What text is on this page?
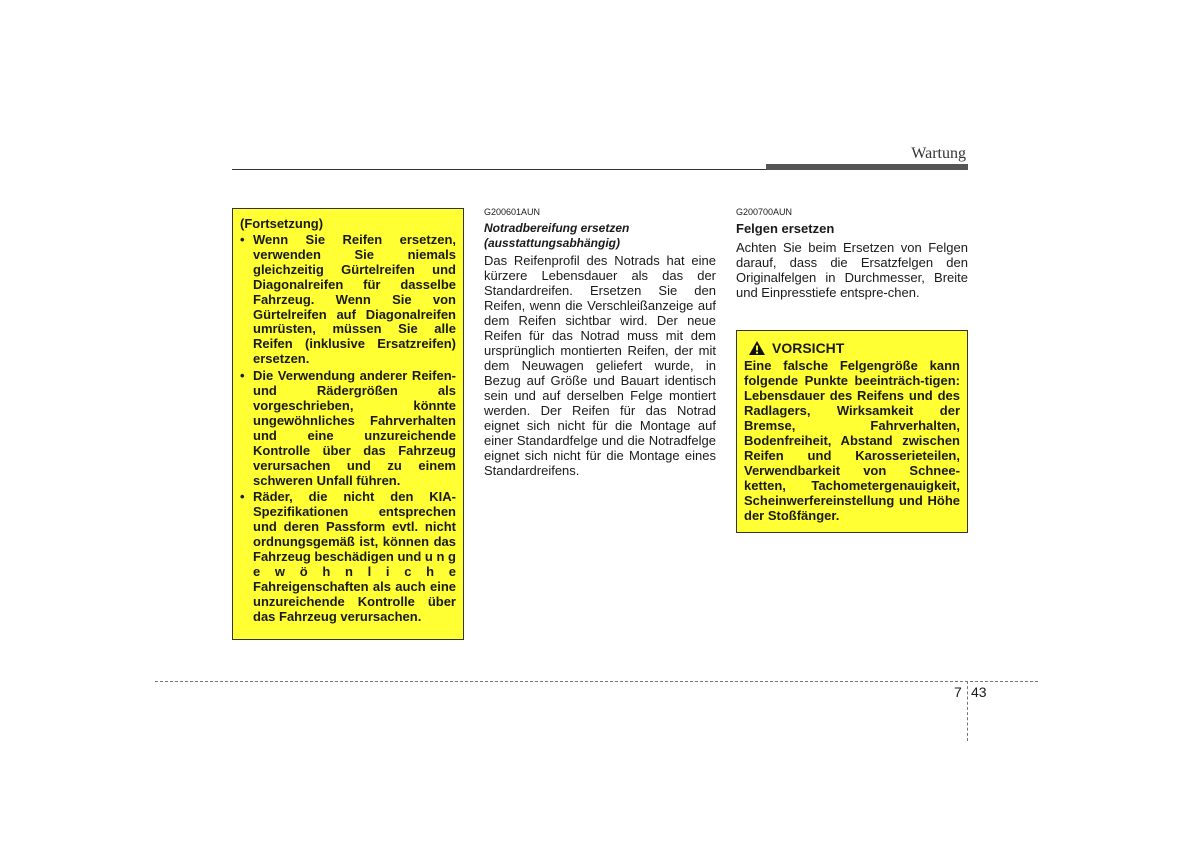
Wartung

(Fortsetzung)

• Wenn Sie Reifen ersetzen, verwenden Sie niemals gleichzeitig Gürtelreifen und Diagonalreifen für dasselbe Fahrzeug. Wenn Sie von Gürtelreifen auf Diagonalreifen umrüsten, müssen Sie alle Reifen (inklusive Ersatzreifen) ersetzen.
• Die Verwendung anderer Reifen- und Rädergrößen als vorgeschrieben, könnte ungewöhnliches Fahrverhalten und eine unzureichende Kontrolle über das Fahrzeug verursachen und zu einem schweren Unfall führen.
• Räder, die nicht den KIA-Spezifikationen entsprechen und deren Passform evtl. nicht ordnungsgemäß ist, können das Fahrzeug beschädigen und u n g e w ö h n l i c h e Fahreigenschaften als auch eine unzureichende Kontrolle über das Fahrzeug verursachen.

G200601AUN

Notradbereifung ersetzen

(ausstattungsabhängig)

Das Reifenprofil des Notrads hat eine kürzere Lebensdauer als das der Standardreifen. Ersetzen Sie den Reifen, wenn die Verschleißanzeige auf dem Reifen sichtbar wird. Der neue Reifen für das Notrad muss mit dem ursprünglich montierten Reifen, der mit dem Neuwagen geliefert wurde, in Bezug auf Größe und Bauart identisch sein und auf derselben Felge montiert werden. Der Reifen für das Notrad eignet sich nicht für die Montage auf einer Standardfelge und die Notradfelge eignet sich nicht für die Montage eines Standardreifens.

G200700AUN

Felgen ersetzen

Achten Sie beim Ersetzen von Felgen darauf, dass die Ersatzfelgen den Originalfelgen in Durchmesser, Breite und Einpresstiefe entspre-chen.

VORSICHT

Eine falsche Felgengröße kann folgende Punkte beeinträch-tigen: Lebensdauer des Reifens und des Radlagers, Wirksamkeit der Bremse, Fahrverhalten, Bodenfreiheit, Abstand zwischen Reifen und Karosserieteilen, Verwendbarkeit von Schnee-ketten, Tachometergenauigkeit, Scheinwerfereinstellung und Höhe der Stoßfänger.

7 43
